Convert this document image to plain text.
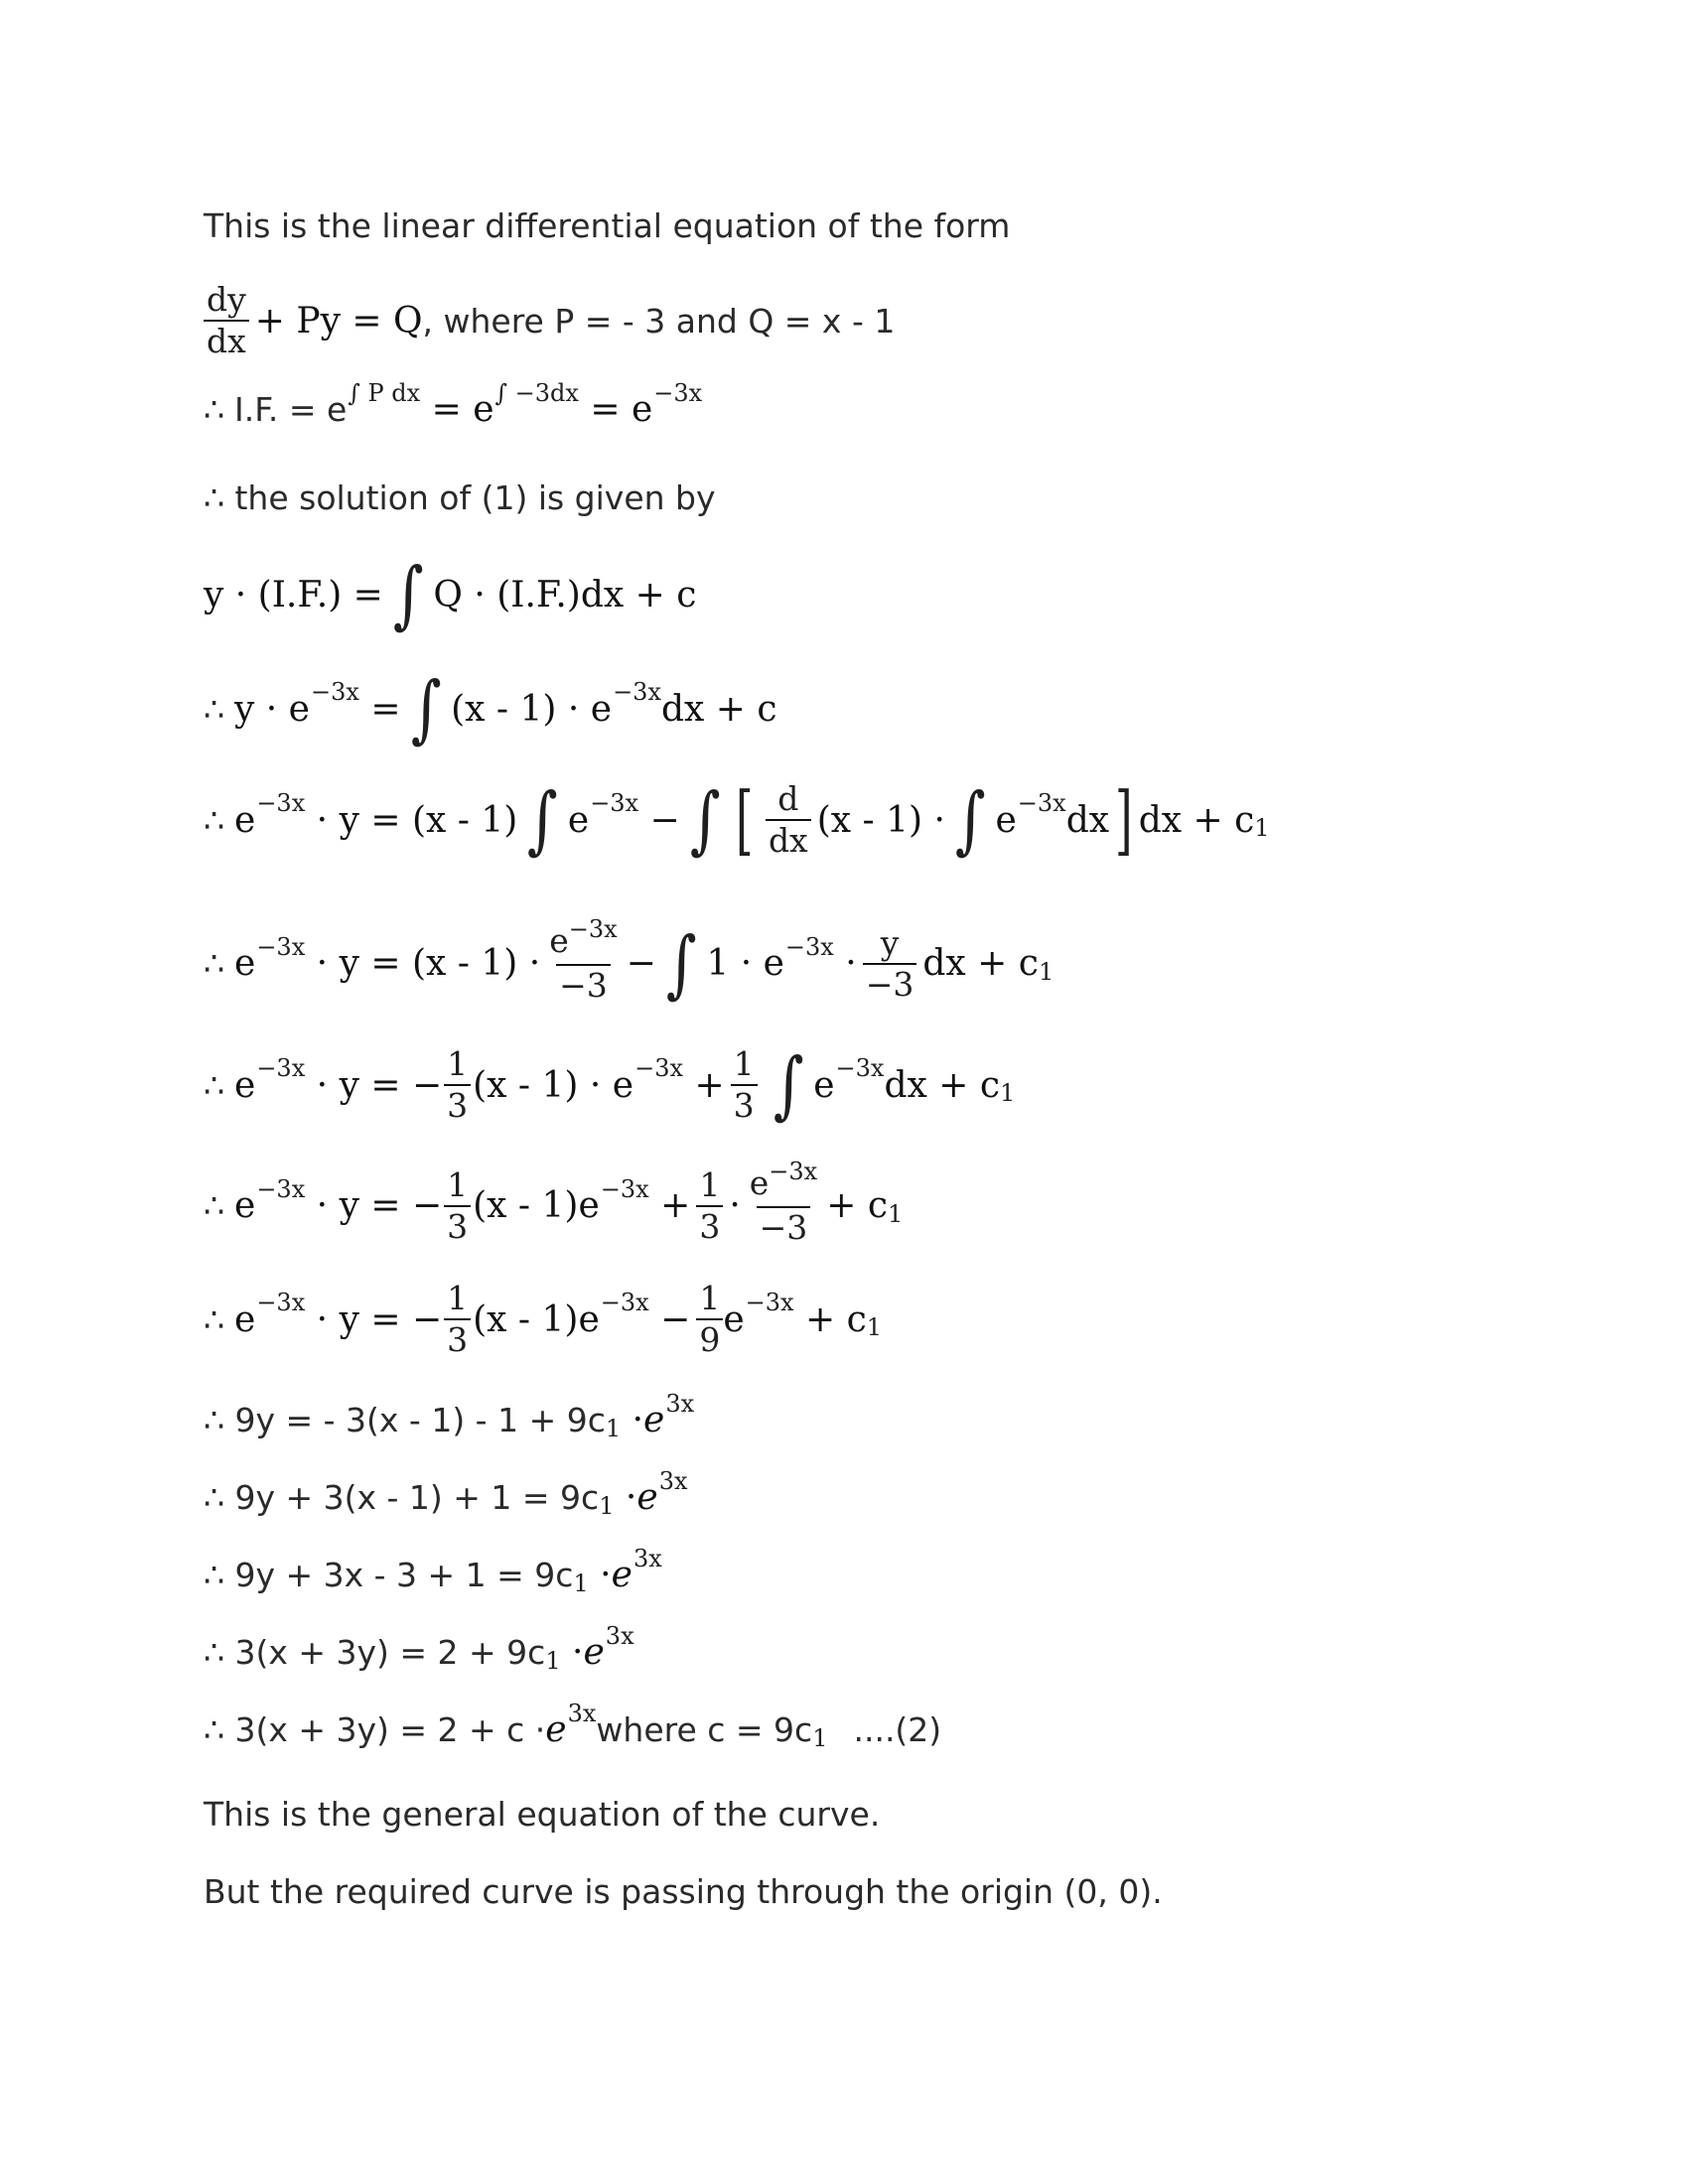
This is the linear differential equation of the form
$\frac{dy}{dx} + Py = Q$ , where P = - 3 and Q = x - 1
∴ I.F. = e ∫ P dx = e ∫ −3dx = e −3x
∴ the solution of (1) is given by
y · (I.F.) = ∫ Q · (I.F.)dx + c
∴ y · e −3x = ∫ (x - 1) · e −3x dx + c
∴ e −3x · y = (x - 1) ∫ e −3x − ∫ [ $\frac{d}{dx} (x - 1)$ · ∫ e −3x dx ] dx + c 1
∴ $e -3x \cdot y = (x - 1) \cdot \frac{e^{-3x}}{-3}$ − ∫ $1 \cdot e -3x \cdot \frac{y}{-3}$ dx + c 1
∴ e −3x · y = − $\frac{1}{3} (x - 1) \cdot e -3x + \frac{1}{3}$ ∫ e −3x dx + c 1
∴ e −3x · y = − $\frac{1}{3} (x - 1)e -3x + \frac{1}{3} \cdot \frac{e^{-3x}}{-3} + c$ 1
∴ e −3x · y = − $\frac{1}{3} (x - 1)e -3x - \frac{1}{9}$ e −3x + c 1
∴ 9y = - 3(x - 1) - 1 + 9c 1 · e 3x
∴ 9y + 3(x - 1) + 1 = 9c 1 · e 3x
∴ 9y + 3x - 3 + 1 = 9c 1 · e 3x
∴ 3(x + 3y) = 2 + 9c 1 · e 3x
∴ 3(x + 3y) = 2 + c · e 3x where c = 9c 1 ....(2)
This is the general equation of the curve.
But the required curve is passing through the origin (0, 0).
